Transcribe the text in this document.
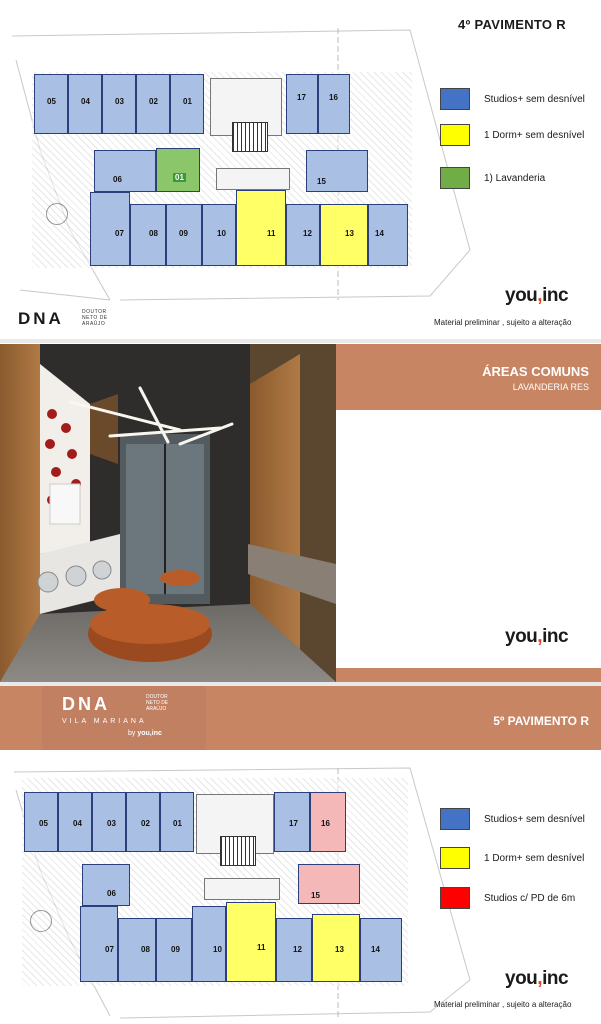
4º PAVIMENTO R
05	04	03	02	01	17	16
06	01	15
07	08	09	10	11	12	13	14
Studios+ sem desnível
1 Dorm+ sem desnível
1) Lavanderia
DNA	DOUTOR
NETO DE
ARAÚJO
you,inc
Material preliminar , sujeito a alteração
ÁREAS COMUNS
LAVANDERIA RES
you,inc
DNA	DOUTOR
NETO DE
ARAÚJO
VILA MARIANA
by you,inc
5º PAVIMENTO R
05	04	03	02	01	17	16
06	15
07	08	09	10	11	12	13	14
Studios+ sem desnível
1 Dorm+ sem desnível
Studios c/ PD de 6m
you,inc
Material preliminar , sujeito a alteração
